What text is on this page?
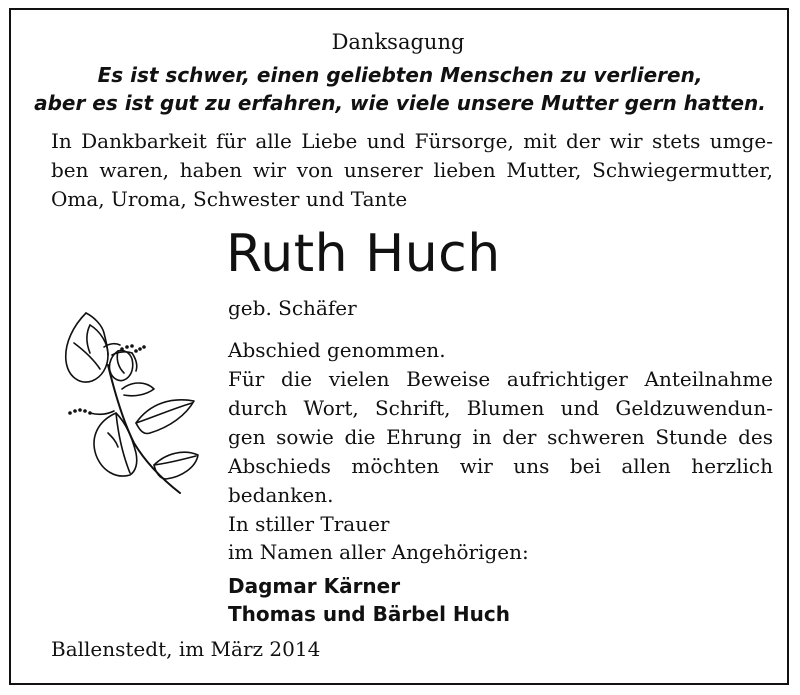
Danksagung

Es ist schwer, einen geliebten Menschen zu verlieren,

aber es ist gut zu erfahren, wie viele unsere Mutter gern hatten.

In Dankbarkeit für alle Liebe und Fürsorge, mit der wir stets umge-
ben waren, haben wir von unserer lieben Mutter, Schwiegermutter,
Oma, Uroma, Schwester und Tante
Ruth Huch

geb. Schäfer

Abschied genommen.

Für die vielen Beweise aufrichtiger Anteilnahme
durch Wort, Schrift, Blumen und Geldzuwendun-
gen sowie die Ehrung in der schweren Stunde des
Abschieds möchten wir uns bei allen herzlich
bedanken.

In stiller Trauer

im Namen aller Angehörigen:

Dagmar Kärner

Thomas und Bärbel Huch

Ballenstedt, im März 2014
